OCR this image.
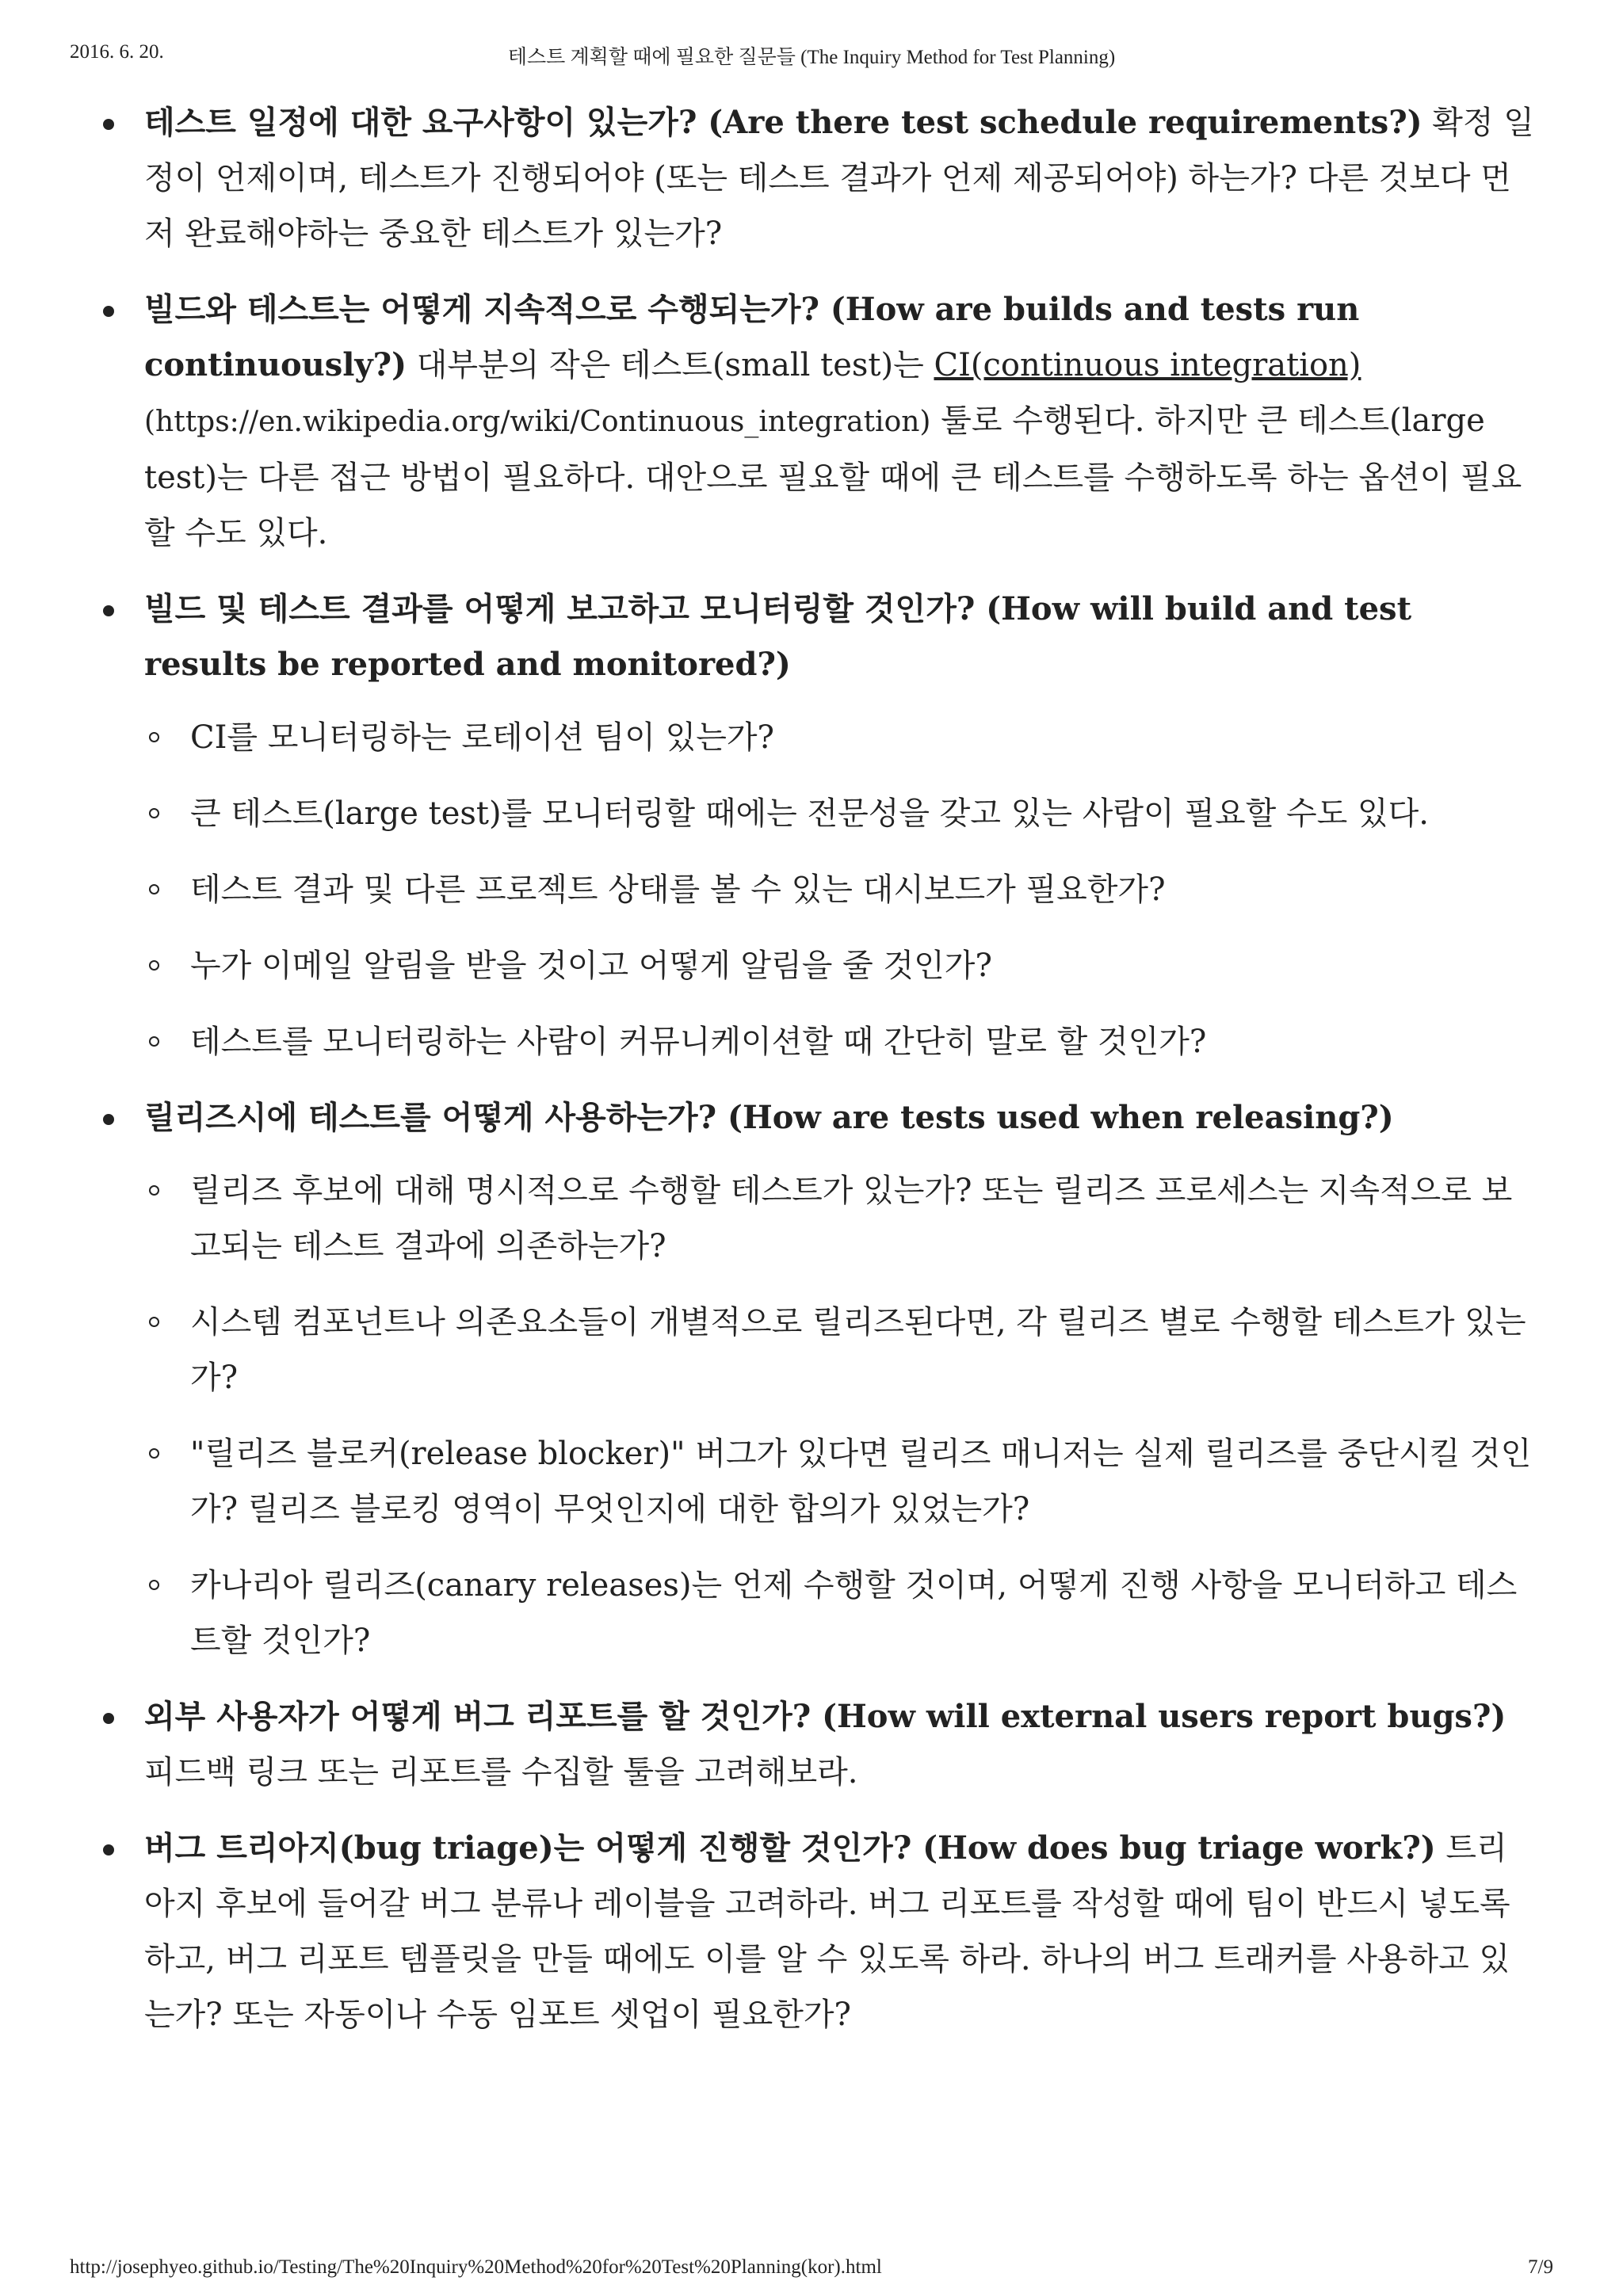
2016. 6. 20.	테스트 계획할 때에 필요한 질문들 (The Inquiry Method for Test Planning)
테스트 일정에 대한 요구사항이 있는가? (Are there test schedule requirements?) 확정 일정이 언제이며, 테스트가 진행되어야 (또는 테스트 결과가 언제 제공되어야) 하는가? 다른 것보다 먼저 완료해야하는 중요한 테스트가 있는가?
빌드와 테스트는 어떻게 지속적으로 수행되는가? (How are builds and tests run continuously?) 대부분의 작은 테스트(small test)는 CI(continuous integration)
(https://en.wikipedia.org/wiki/Continuous_integration) 툴로 수행된다. 하지만 큰 테스트(large test)는 다른 접근 방법이 필요하다. 대안으로 필요할 때에 큰 테스트를 수행하도록 하는 옵션이 필요할 수도 있다.
빌드 및 테스트 결과를 어떻게 보고하고 모니터링할 것인가? (How will build and test results be reported and monitored?)
CI를 모니터링하는 로테이션 팀이 있는가?
큰 테스트(large test)를 모니터링할 때에는 전문성을 갖고 있는 사람이 필요할 수도 있다.
테스트 결과 및 다른 프로젝트 상태를 볼 수 있는 대시보드가 필요한가?
누가 이메일 알림을 받을 것이고 어떻게 알림을 줄 것인가?
테스트를 모니터링하는 사람이 커뮤니케이션할 때 간단히 말로 할 것인가?
릴리즈시에 테스트를 어떻게 사용하는가? (How are tests used when releasing?)
릴리즈 후보에 대해 명시적으로 수행할 테스트가 있는가? 또는 릴리즈 프로세스는 지속적으로 보고되는 테스트 결과에 의존하는가?
시스템 컴포넌트나 의존요소들이 개별적으로 릴리즈된다면, 각 릴리즈 별로 수행할 테스트가 있는가?
"릴리즈 블로커(release blocker)" 버그가 있다면 릴리즈 매니저는 실제 릴리즈를 중단시킬 것인가? 릴리즈 블로킹 영역이 무엇인지에 대한 합의가 있었는가?
카나리아 릴리즈(canary releases)는 언제 수행할 것이며, 어떻게 진행 사항을 모니터하고 테스트할 것인가?
외부 사용자가 어떻게 버그 리포트를 할 것인가? (How will external users report bugs?) 피드백 링크 또는 리포트를 수집할 툴을 고려해보라.
버그 트리아지(bug triage)는 어떻게 진행할 것인가? (How does bug triage work?) 트리아지 후보에 들어갈 버그 분류나 레이블을 고려하라. 버그 리포트를 작성할 때에 팀이 반드시 넣도록 하고, 버그 리포트 템플릿을 만들 때에도 이를 알 수 있도록 하라. 하나의 버그 트래커를 사용하고 있는가? 또는 자동이나 수동 임포트 셋업이 필요한가?
http://josephyeo.github.io/Testing/The%20Inquiry%20Method%20for%20Test%20Planning(kor).html	7/9
